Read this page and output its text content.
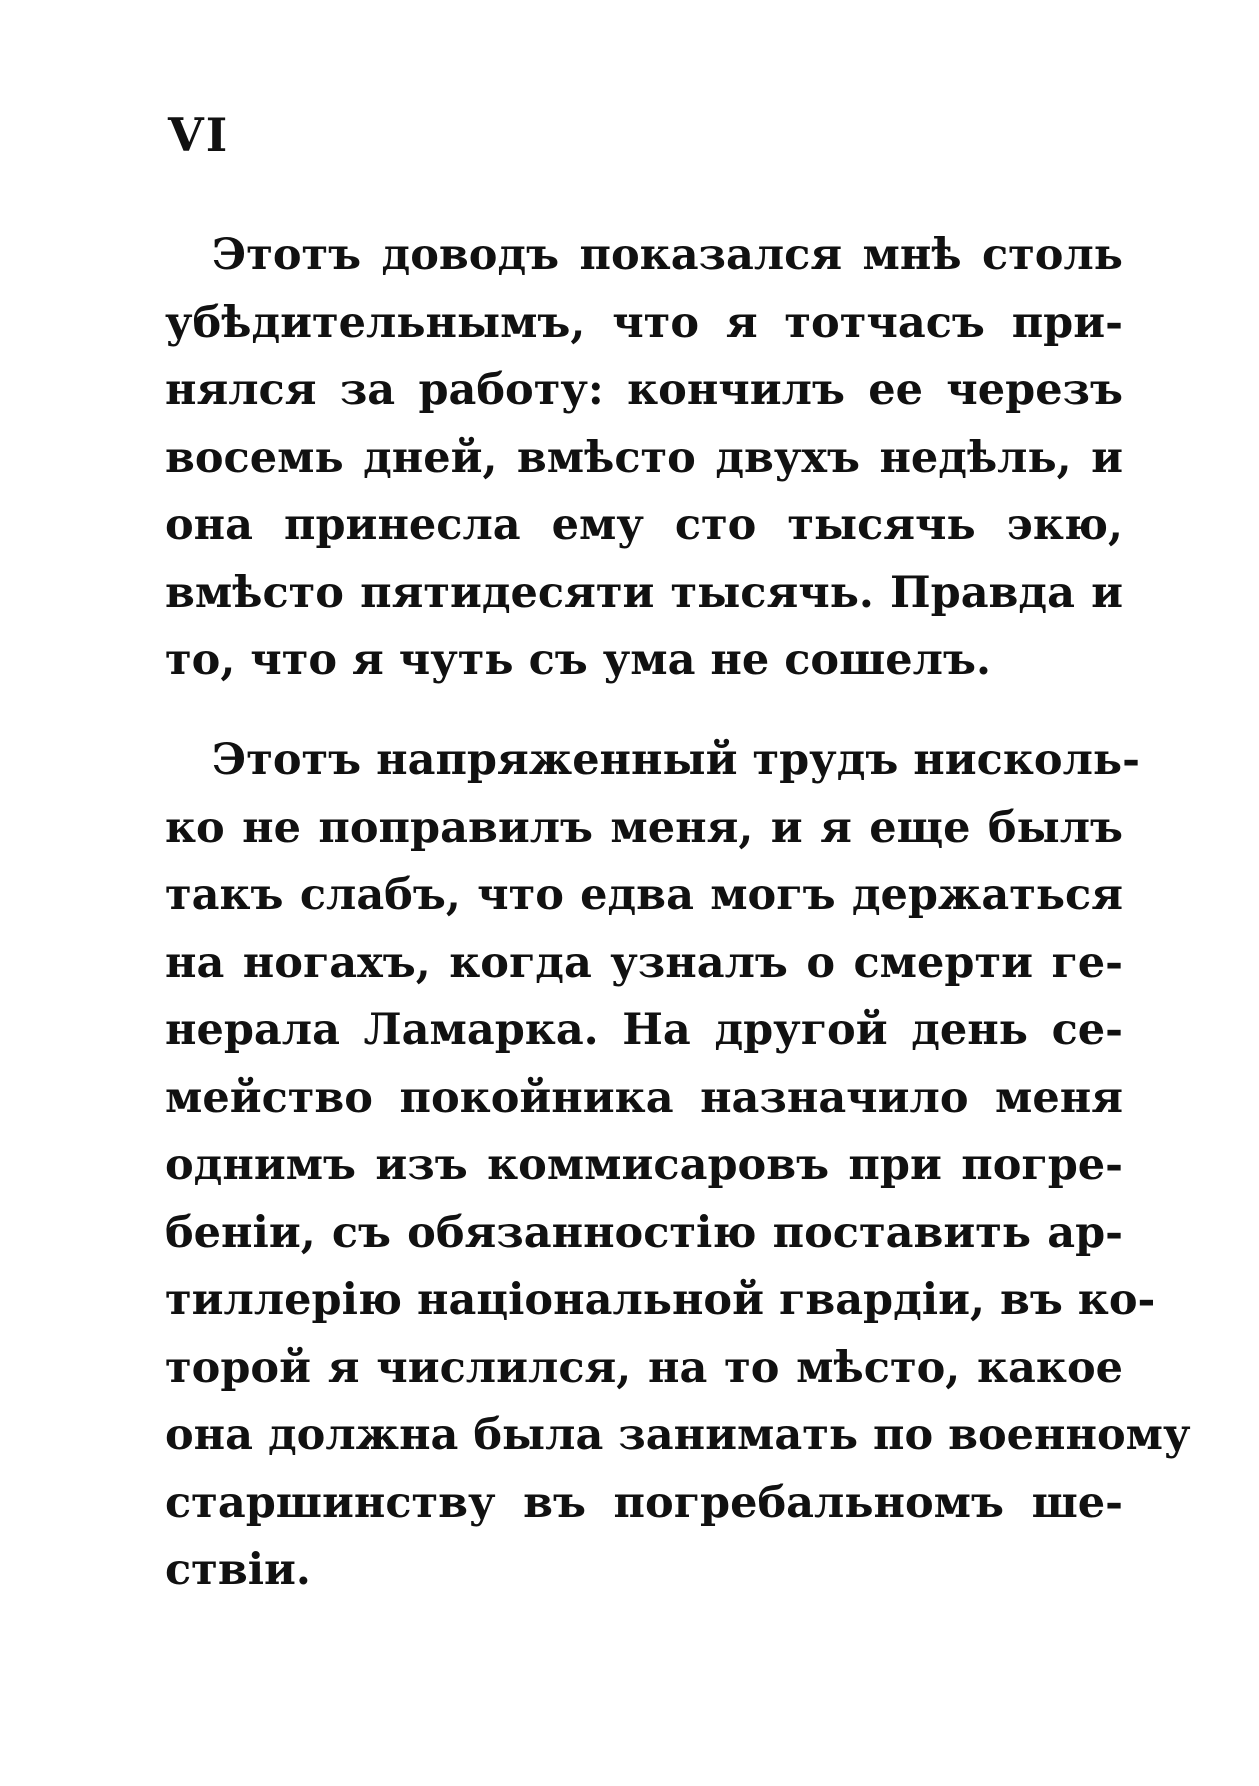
VI
Этотъ доводъ показался мнѣ столь
убѣдительнымъ, что я тотчасъ при-
нялся за работу: кончилъ ее черезъ
восемь дней, вмѣсто двухъ недѣль, и
она принесла ему сто тысячь экю,
вмѣсто пятидесяти тысячь. Правда и
то, что я чуть съ ума не сошелъ.
Этотъ напряженный трудъ нисколь-
ко не поправилъ меня, и я еще былъ
такъ слабъ, что едва могъ держаться
на ногахъ, когда узналъ о смерти ге-
нерала Ламарка. На другой день се-
мейство покойника назначило меня
однимъ изъ коммисаровъ при погре-
беніи, съ обязанностію поставить ар-
тиллерію національной гвардіи, въ ко-
торой я числился, на то мѣсто, какое
она должна была занимать по военному
старшинству въ погребальномъ ше-
ствіи.
